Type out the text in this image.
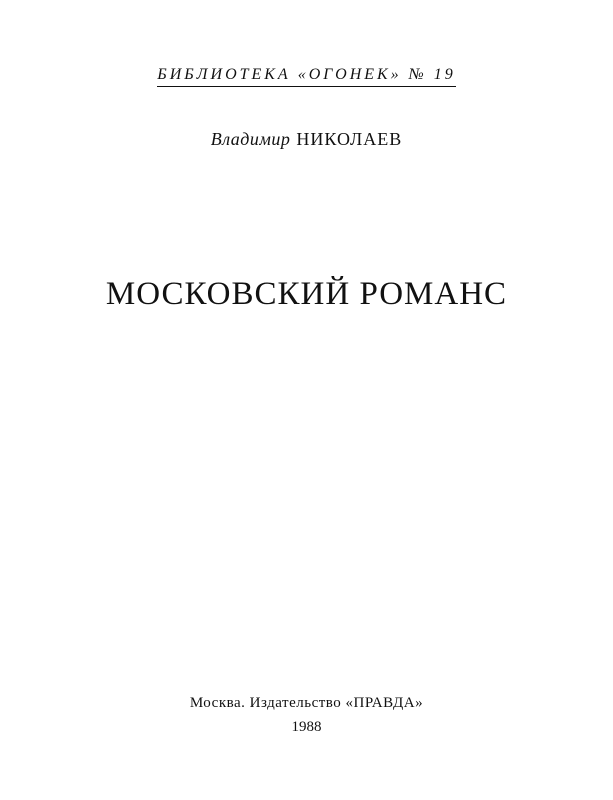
БИБЛИОТЕКА «ОГОНЕК» № 19
Владимир НИКОЛАЕВ
МОСКОВСКИЙ РОМАНС
Москва. Издательство «ПРАВДА»
1988
